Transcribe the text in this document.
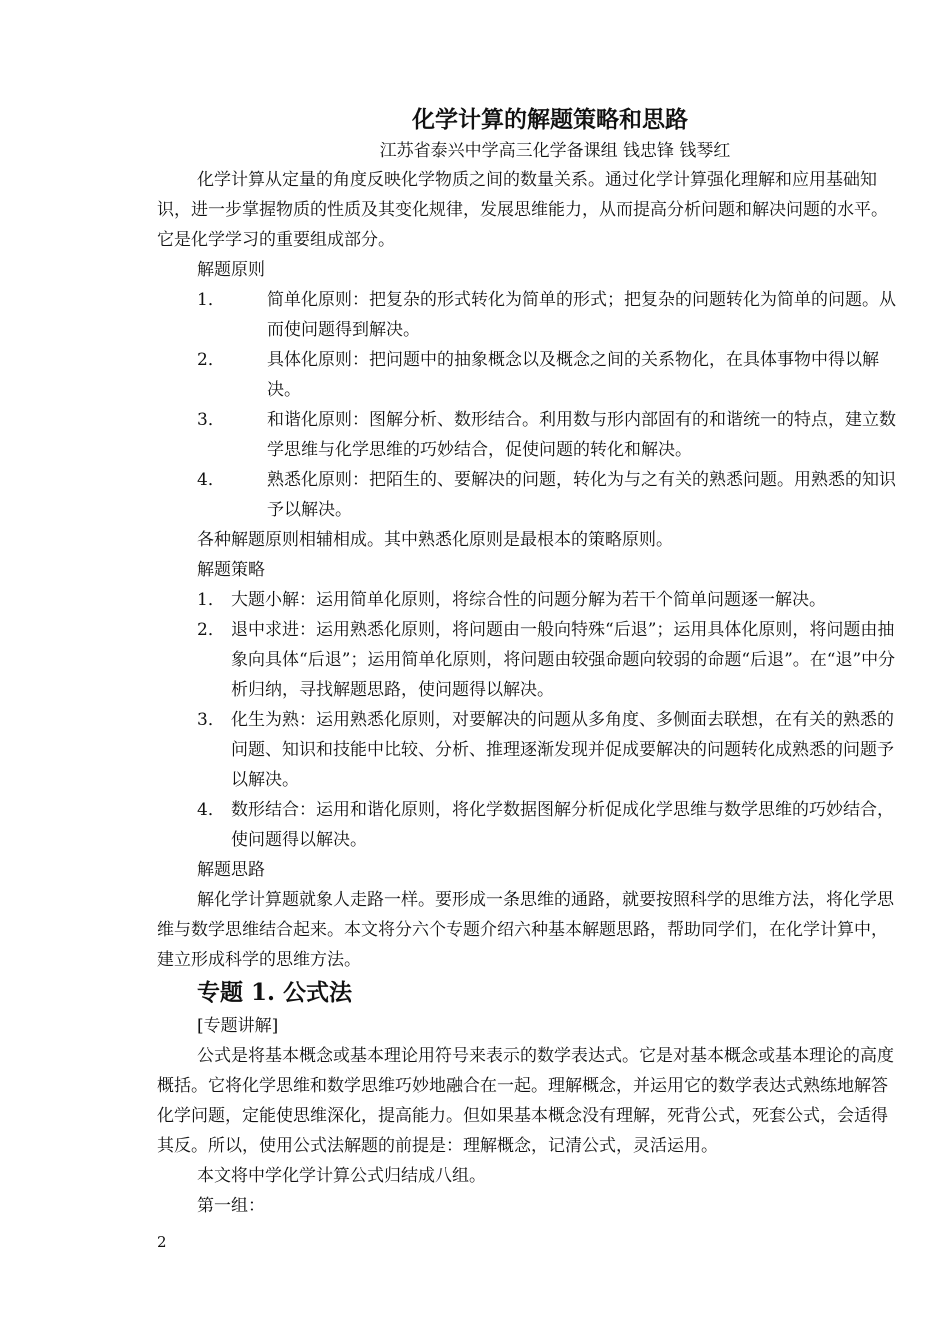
化学计算的解题策略和思路

江苏省泰兴中学高三化学备课组 钱忠锋 钱琴红

化学计算从定量的角度反映化学物质之间的数量关系。通过化学计算强化理解和应用基础知识，进一步掌握物质的性质及其变化规律，发展思维能力，从而提高分析问题和解决问题的水平。它是化学学习的重要组成部分。

解题原则

1．	简单化原则：把复杂的形式转化为简单的形式；把复杂的问题转化为简单的问题。从而使问题得到解决。
2．	具体化原则：把问题中的抽象概念以及概念之间的关系物化，在具体事物中得以解决。
3．	和谐化原则：图解分析、数形结合。利用数与形内部固有的和谐统一的特点，建立数学思维与化学思维的巧妙结合，促使问题的转化和解决。
4．	熟悉化原则：把陌生的、要解决的问题，转化为与之有关的熟悉问题。用熟悉的知识予以解决。

各种解题原则相辅相成。其中熟悉化原则是最根本的策略原则。

解题策略

1． 大题小解：运用简单化原则，将综合性的问题分解为若干个简单问题逐一解决。
2． 退中求进：运用熟悉化原则，将问题由一般向特殊“后退”；运用具体化原则，将问题由抽象向具体“后退”；运用简单化原则，将问题由较强命题向较弱的命题“后退”。在“退”中分析归纳，寻找解题思路，使问题得以解决。
3． 化生为熟：运用熟悉化原则，对要解决的问题从多角度、多侧面去联想，在有关的熟悉的问题、知识和技能中比较、分析、推理逐渐发现并促成要解决的问题转化成熟悉的问题予以解决。
4． 数形结合：运用和谐化原则，将化学数据图解分析促成化学思维与数学思维的巧妙结合，使问题得以解决。

解题思路

解化学计算题就象人走路一样。要形成一条思维的通路，就要按照科学的思维方法，将化学思维与数学思维结合起来。本文将分六个专题介绍六种基本解题思路，帮助同学们，在化学计算中，建立形成科学的思维方法。

专题 1. 公式法

[专题讲解]

公式是将基本概念或基本理论用符号来表示的数学表达式。它是对基本概念或基本理论的高度概括。它将化学思维和数学思维巧妙地融合在一起。理解概念，并运用它的数学表达式熟练地解答化学问题，定能使思维深化，提高能力。但如果基本概念没有理解，死背公式，死套公式，会适得其反。所以，使用公式法解题的前提是：理解概念，记清公式，灵活运用。

本文将中学化学计算公式归结成八组。

第一组：

2
